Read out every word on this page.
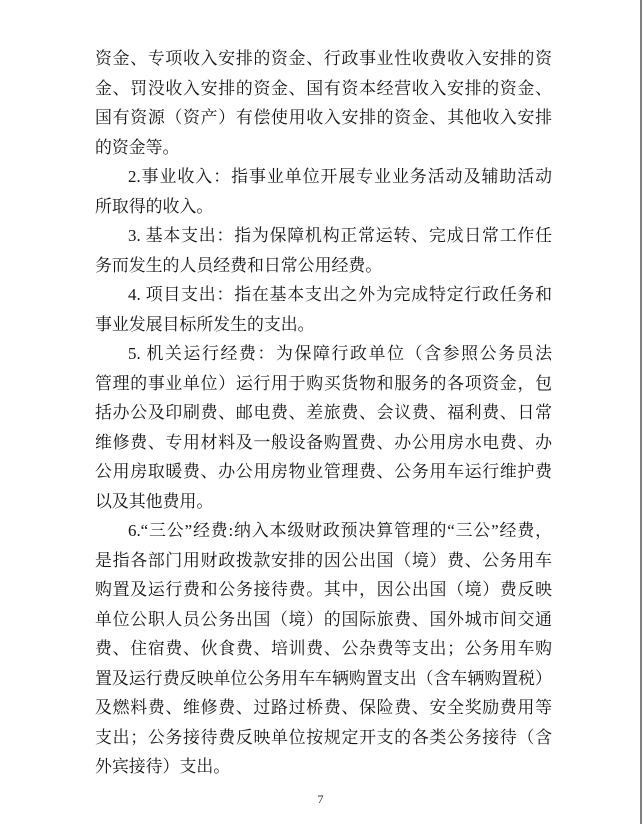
资金、专项收入安排的资金、行政事业性收费收入安排的资
金、罚没收入安排的资金、国有资本经营收入安排的资金、
国有资源（资产）有偿使用收入安排的资金、其他收入安排
的资金等。
2.事业收入：指事业单位开展专业业务活动及辅助活动
所取得的收入。
3. 基本支出：指为保障机构正常运转、完成日常工作任
务而发生的人员经费和日常公用经费。
4. 项目支出：指在基本支出之外为完成特定行政任务和
事业发展目标所发生的支出。
5. 机关运行经费：为保障行政单位（含参照公务员法
管理的事业单位）运行用于购买货物和服务的各项资金，包
括办公及印刷费、邮电费、差旅费、会议费、福利费、日常
维修费、专用材料及一般设备购置费、办公用房水电费、办
公用房取暖费、办公用房物业管理费、公务用车运行维护费
以及其他费用。
6.“三公”经费:纳入本级财政预决算管理的“三公”经费，
是指各部门用财政拨款安排的因公出国（境）费、公务用车
购置及运行费和公务接待费。其中，因公出国（境）费反映
单位公职人员公务出国（境）的国际旅费、国外城市间交通
费、住宿费、伙食费、培训费、公杂费等支出；公务用车购
置及运行费反映单位公务用车车辆购置支出（含车辆购置税）
及燃料费、维修费、过路过桥费、保险费、安全奖励费用等
支出；公务接待费反映单位按规定开支的各类公务接待（含
外宾接待）支出。
7
